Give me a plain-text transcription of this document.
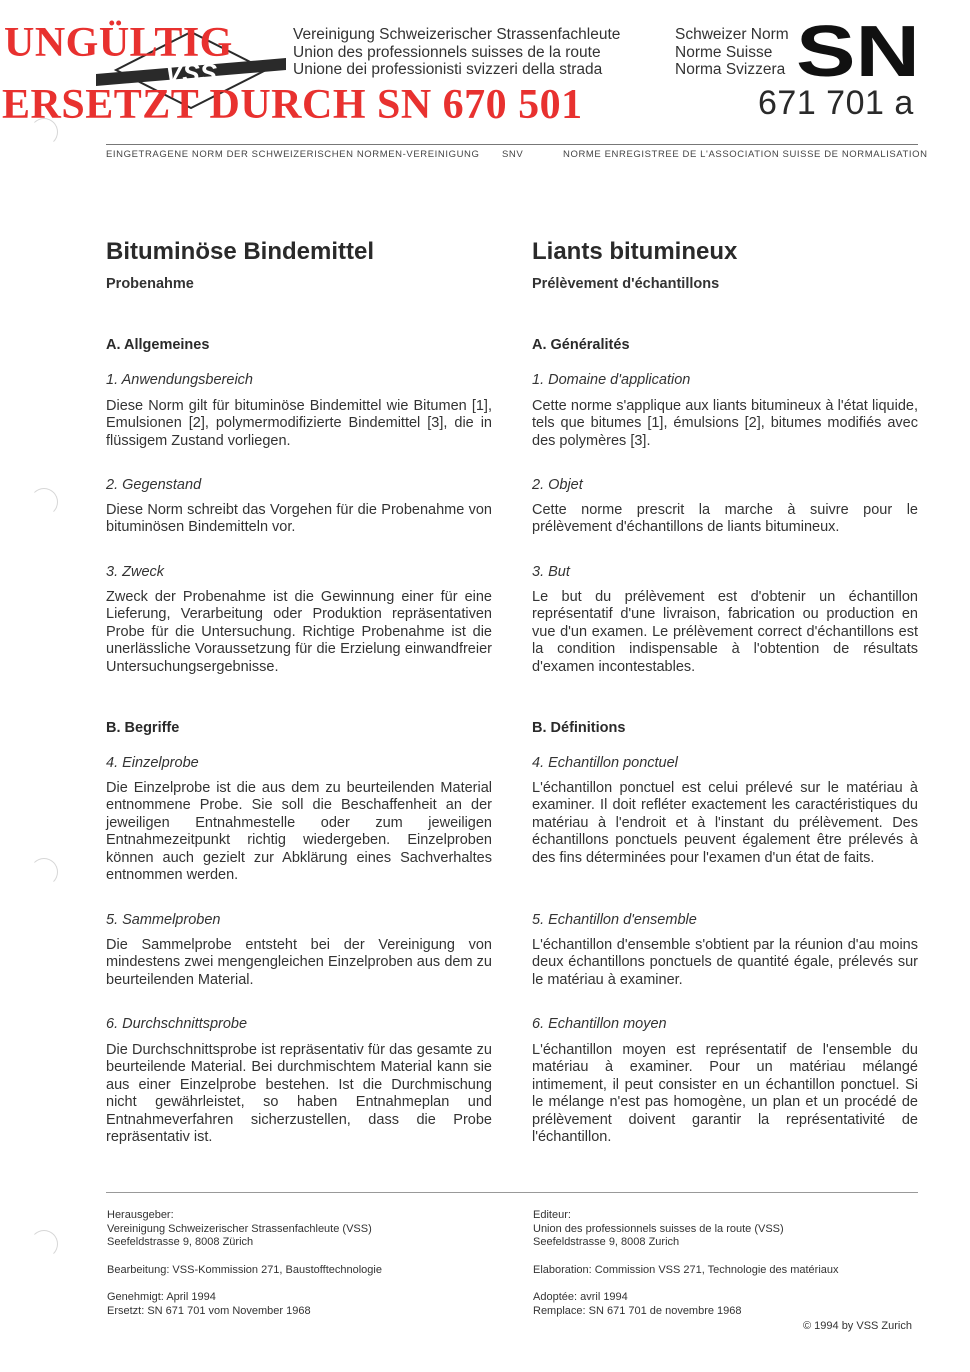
VSS
UNGÜLTIG
ERSETZT DURCH SN 670 501
Vereinigung Schweizerischer Strassenfachleute
Union des professionnels suisses de la route
Unione dei professionisti svizzeri della strada
Schweizer Norm
Norme Suisse
Norma Svizzera SN
671 701 a
EINGETRAGENE NORM DER SCHWEIZERISCHEN NORMEN-VEREINIGUNG SNV	NORME ENREGISTREE DE L'ASSOCIATION SUISSE DE NORMALISATION
Bituminöse Bindemittel
Probenahme
A. Allgemeines
1. Anwendungsbereich
Diese Norm gilt für bituminöse Bindemittel wie Bitumen [1], Emulsionen [2], polymermodifizierte Bindemittel [3], die in flüssigem Zustand vorliegen.
2. Gegenstand
Diese Norm schreibt das Vorgehen für die Probenahme von bituminösen Bindemitteln vor.
3. Zweck
Zweck der Probenahme ist die Gewinnung einer für eine Lieferung, Verarbeitung oder Produktion repräsentativen Probe für die Untersuchung. Richtige Probenahme ist die unerlässliche Voraussetzung für die Erzielung einwandfreier Untersuchungsergebnisse.
B. Begriffe
4. Einzelprobe
Die Einzelprobe ist die aus dem zu beurteilenden Material entnommene Probe. Sie soll die Beschaffenheit an der jeweiligen Entnahmestelle oder zum jeweiligen Entnahmezeitpunkt richtig wiedergeben. Einzelproben können auch gezielt zur Abklärung eines Sachverhaltes entnommen werden.
5. Sammelproben
Die Sammelprobe entsteht bei der Vereinigung von mindestens zwei mengengleichen Einzelproben aus dem zu beurteilenden Material.
6. Durchschnittsprobe
Die Durchschnittsprobe ist repräsentativ für das gesamte zu beurteilende Material. Bei durchmischtem Material kann sie aus einer Einzelprobe bestehen. Ist die Durchmischung nicht gewährleistet, so haben Entnahmeplan und Entnahmeverfahren sicherzustellen, dass die Probe repräsentativ ist.
Liants bitumineux
Prélèvement d'échantillons
A. Généralités
1. Domaine d'application
Cette norme s'applique aux liants bitumineux à l'état liquide, tels que bitumes [1], émulsions [2], bitumes modifiés avec des polymères [3].
2. Objet
Cette norme prescrit la marche à suivre pour le prélèvement d'échantillons de liants bitumineux.
3. But
Le but du prélèvement est d'obtenir un échantillon représentatif d'une livraison, fabrication ou production en vue d'un examen. Le prélèvement correct d'échantillons est la condition indispensable à l'obtention de résultats d'examen incontestables.
B. Définitions
4. Echantillon ponctuel
L'échantillon ponctuel est celui prélevé sur le matériau à examiner. Il doit refléter exactement les caractéristiques du matériau à l'endroit et à l'instant du prélèvement. Des échantillons ponctuels peuvent également être prélevés à des fins déterminées pour l'examen d'un état de faits.
5. Echantillon d'ensemble
L'échantillon d'ensemble s'obtient par la réunion d'au moins deux échantillons ponctuels de quantité égale, prélevés sur le matériau à examiner.
6. Echantillon moyen
L'échantillon moyen est représentatif de l'ensemble du matériau à examiner. Pour un matériau mélangé intimement, il peut consister en un échantillon ponctuel. Si le mélange n'est pas homogène, un plan et un procédé de prélèvement doivent garantir la représentativité de l'échantillon.
Herausgeber:
Vereinigung Schweizerischer Strassenfachleute (VSS)
Seefeldstrasse 9, 8008 Zürich
Bearbeitung: VSS-Kommission 271, Baustofftechnologie
Genehmigt: April 1994
Ersetzt: SN 671 701 vom November 1968
Editeur:
Union des professionnels suisses de la route (VSS)
Seefeldstrasse 9, 8008 Zurich
Elaboration: Commission VSS 271, Technologie des matériaux
Adoptée: avril 1994
Remplace: SN 671 701 de novembre 1968
© 1994 by VSS Zurich
